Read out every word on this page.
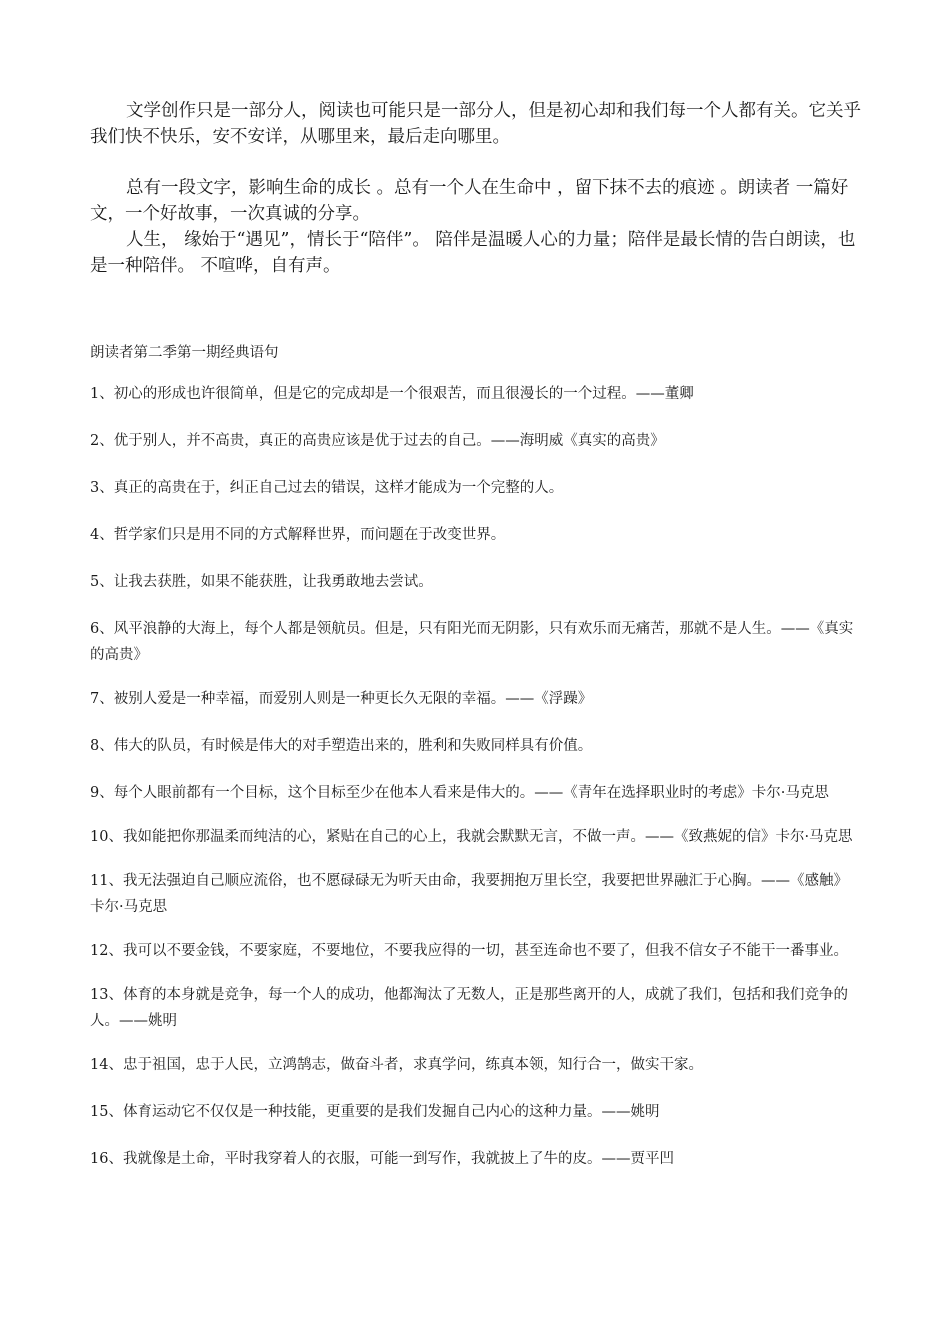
文学创作只是一部分人，阅读也可能只是一部分人，但是初心却和我们每一个人都有关。它关乎我们快不快乐，安不安详，从哪里来，最后走向哪里。

总有一段文字，影响生命的成长 。总有一个人在生命中 ，留下抹不去的痕迹 。朗读者 一篇好文，一个好故事，一次真诚的分享。

人生， 缘始于“遇见”，情长于“陪伴”。 陪伴是温暖人心的力量；陪伴是最长情的告白朗读，也是一种陪伴。 不喧哗，自有声。

朗读者第二季第一期经典语句

1、初心的形成也许很简单，但是它的完成却是一个很艰苦，而且很漫长的一个过程。——董卿

2、优于别人，并不高贵，真正的高贵应该是优于过去的自己。——海明威《真实的高贵》

3、真正的高贵在于，纠正自己过去的错误，这样才能成为一个完整的人。

4、哲学家们只是用不同的方式解释世界，而问题在于改变世界。

5、让我去获胜，如果不能获胜，让我勇敢地去尝试。

6、风平浪静的大海上，每个人都是领航员。但是，只有阳光而无阴影，只有欢乐而无痛苦，那就不是人生。——《真实的高贵》

7、被别人爱是一种幸福，而爱别人则是一种更长久无限的幸福。——《浮躁》

8、伟大的队员，有时候是伟大的对手塑造出来的，胜利和失败同样具有价值。

9、每个人眼前都有一个目标，这个目标至少在他本人看来是伟大的。——《青年在选择职业时的考虑》卡尔·马克思

10、我如能把你那温柔而纯洁的心，紧贴在自己的心上，我就会默默无言，不做一声。——《致燕妮的信》卡尔·马克思

11、我无法强迫自己顺应流俗，也不愿碌碌无为听天由命，我要拥抱万里长空，我要把世界融汇于心胸。——《感触》卡尔·马克思

12、我可以不要金钱，不要家庭，不要地位，不要我应得的一切，甚至连命也不要了，但我不信女子不能干一番事业。

13、体育的本身就是竞争，每一个人的成功，他都淘汰了无数人，正是那些离开的人，成就了我们，包括和我们竞争的人。——姚明

14、忠于祖国，忠于人民，立鸿鹄志，做奋斗者，求真学问，练真本领，知行合一，做实干家。

15、体育运动它不仅仅是一种技能，更重要的是我们发掘自己内心的这种力量。——姚明

16、我就像是土命，平时我穿着人的衣服，可能一到写作，我就披上了牛的皮。——贾平凹
